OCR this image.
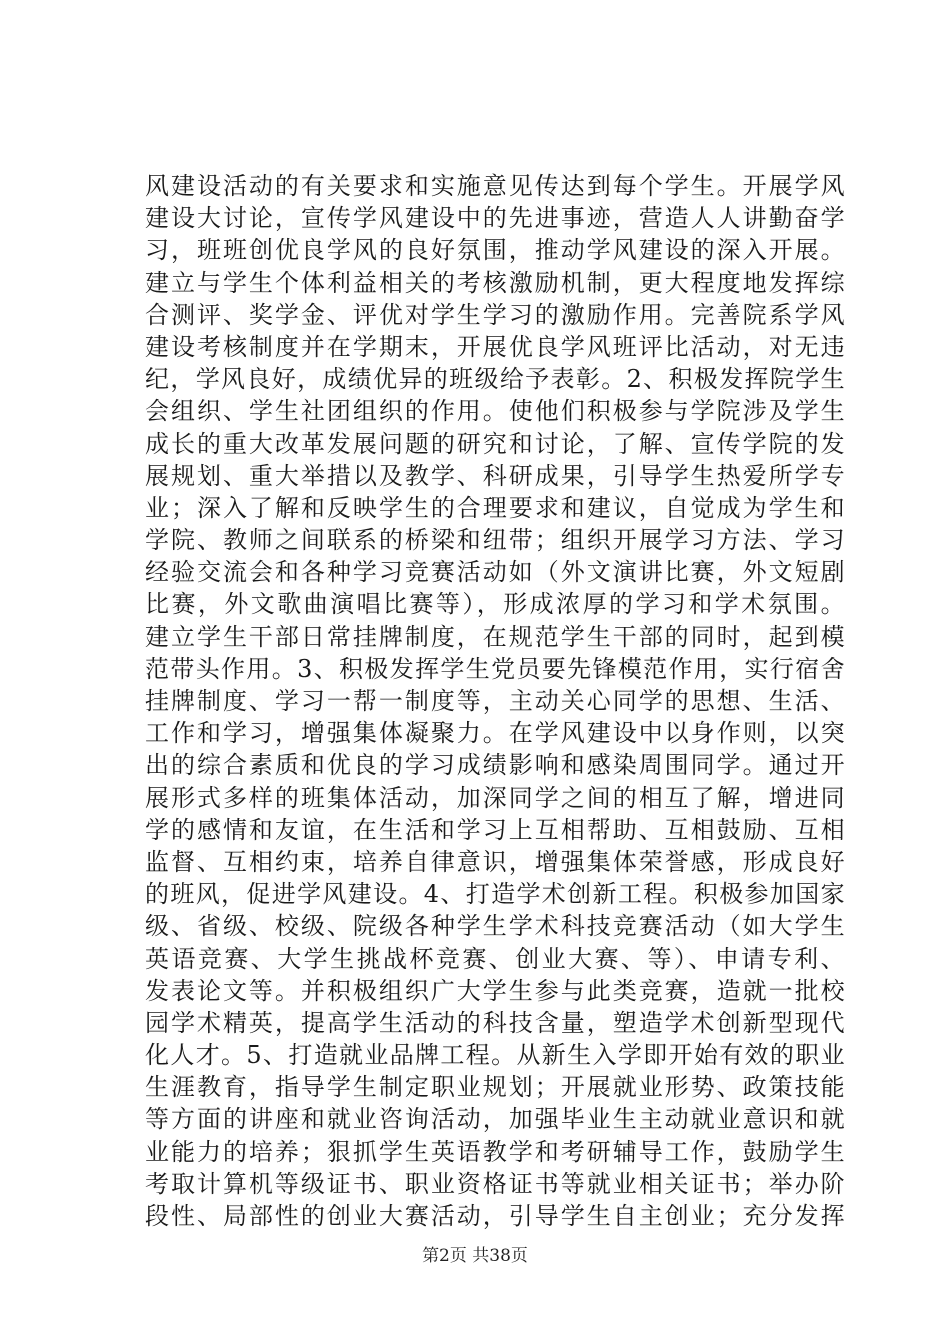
风建设活动的有关要求和实施意见传达到每个学生。开展学风
建设大讨论，宣传学风建设中的先进事迹，营造人人讲勤奋学
习，班班创优良学风的良好氛围，推动学风建设的深入开展。
建立与学生个体利益相关的考核激励机制，更大程度地发挥综
合测评、奖学金、评优对学生学习的激励作用。完善院系学风
建设考核制度并在学期末，开展优良学风班评比活动，对无违
纪，学风良好，成绩优异的班级给予表彰。2、积极发挥院学生
会组织、学生社团组织的作用。使他们积极参与学院涉及学生
成长的重大改革发展问题的研究和讨论，了解、宣传学院的发
展规划、重大举措以及教学、科研成果，引导学生热爱所学专
业；深入了解和反映学生的合理要求和建议，自觉成为学生和
学院、教师之间联系的桥梁和纽带；组织开展学习方法、学习
经验交流会和各种学习竞赛活动如（外文演讲比赛，外文短剧
比赛，外文歌曲演唱比赛等），形成浓厚的学习和学术氛围。
建立学生干部日常挂牌制度，在规范学生干部的同时，起到模
范带头作用。3、积极发挥学生党员要先锋模范作用，实行宿舍
挂牌制度、学习一帮一制度等，主动关心同学的思想、生活、
工作和学习，增强集体凝聚力。在学风建设中以身作则，以突
出的综合素质和优良的学习成绩影响和感染周围同学。通过开
展形式多样的班集体活动，加深同学之间的相互了解，增进同
学的感情和友谊，在生活和学习上互相帮助、互相鼓励、互相
监督、互相约束，培养自律意识，增强集体荣誉感，形成良好
的班风，促进学风建设。4、打造学术创新工程。积极参加国家
级、省级、校级、院级各种学生学术科技竞赛活动（如大学生
英语竞赛、大学生挑战杯竞赛、创业大赛、等）、申请专利、
发表论文等。并积极组织广大学生参与此类竞赛，造就一批校
园学术精英，提高学生活动的科技含量，塑造学术创新型现代
化人才。5、打造就业品牌工程。从新生入学即开始有效的职业
生涯教育，指导学生制定职业规划；开展就业形势、政策技能
等方面的讲座和就业咨询活动，加强毕业生主动就业意识和就
业能力的培养；狠抓学生英语教学和考研辅导工作，鼓励学生
考取计算机等级证书、职业资格证书等就业相关证书；举办阶
段性、局部性的创业大赛活动，引导学生自主创业；充分发挥
第2页 共38页
